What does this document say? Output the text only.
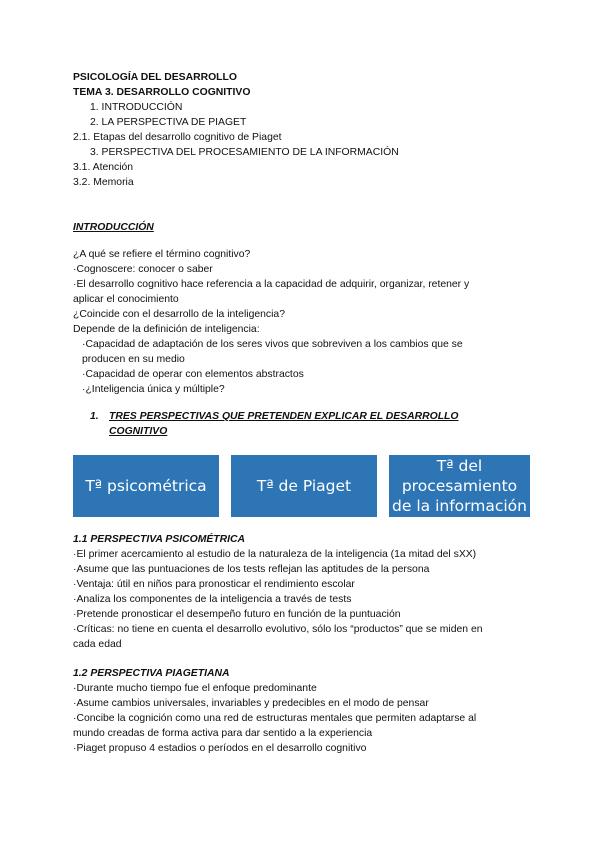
PSICOLOGÍA DEL DESARROLLO
TEMA 3. DESARROLLO COGNITIVO
1. INTRODUCCIÓN
2. LA PERSPECTIVA DE PIAGET
2.1. Etapas del desarrollo cognitivo de Piaget
3. PERSPECTIVA DEL PROCESAMIENTO DE LA INFORMACIÓN
3.1. Atención
3.2. Memoria
INTRODUCCIÓN
¿A qué se refiere el término cognitivo?
·Cognoscere: conocer o saber
·El desarrollo cognitivo hace referencia a la capacidad de adquirir, organizar, retener y
aplicar el conocimiento
¿Coincide con el desarrollo de la inteligencia?
Depende de la definición de inteligencia:
·Capacidad de adaptación de los seres vivos que sobreviven a los cambios que se
producen en su medio
·Capacidad de operar con elementos abstractos
·¿Inteligencia única y múltiple?
1. TRES PERSPECTIVAS QUE PRETENDEN EXPLICAR EL DESARROLLO
COGNITIVO
Tª psicométrica	Tª de Piaget
Tª del
procesamiento
de la información
1.1 PERSPECTIVA PSICOMÉTRICA
·El primer acercamiento al estudio de la naturaleza de la inteligencia (1a mitad del sXX)
·Asume que las puntuaciones de los tests reflejan las aptitudes de la persona
·Ventaja: útil en niños para pronosticar el rendimiento escolar
·Analiza los componentes de la inteligencia a través de tests
·Pretende pronosticar el desempeño futuro en función de la puntuación
·Críticas: no tiene en cuenta el desarrollo evolutivo, sólo los “productos” que se miden en
cada edad
1.2 PERSPECTIVA PIAGETIANA
·Durante mucho tiempo fue el enfoque predominante
·Asume cambios universales, invariables y predecibles en el modo de pensar
·Concibe la cognición como una red de estructuras mentales que permiten adaptarse al
mundo creadas de forma activa para dar sentido a la experiencia
·Piaget propuso 4 estadios o períodos en el desarrollo cognitivo
